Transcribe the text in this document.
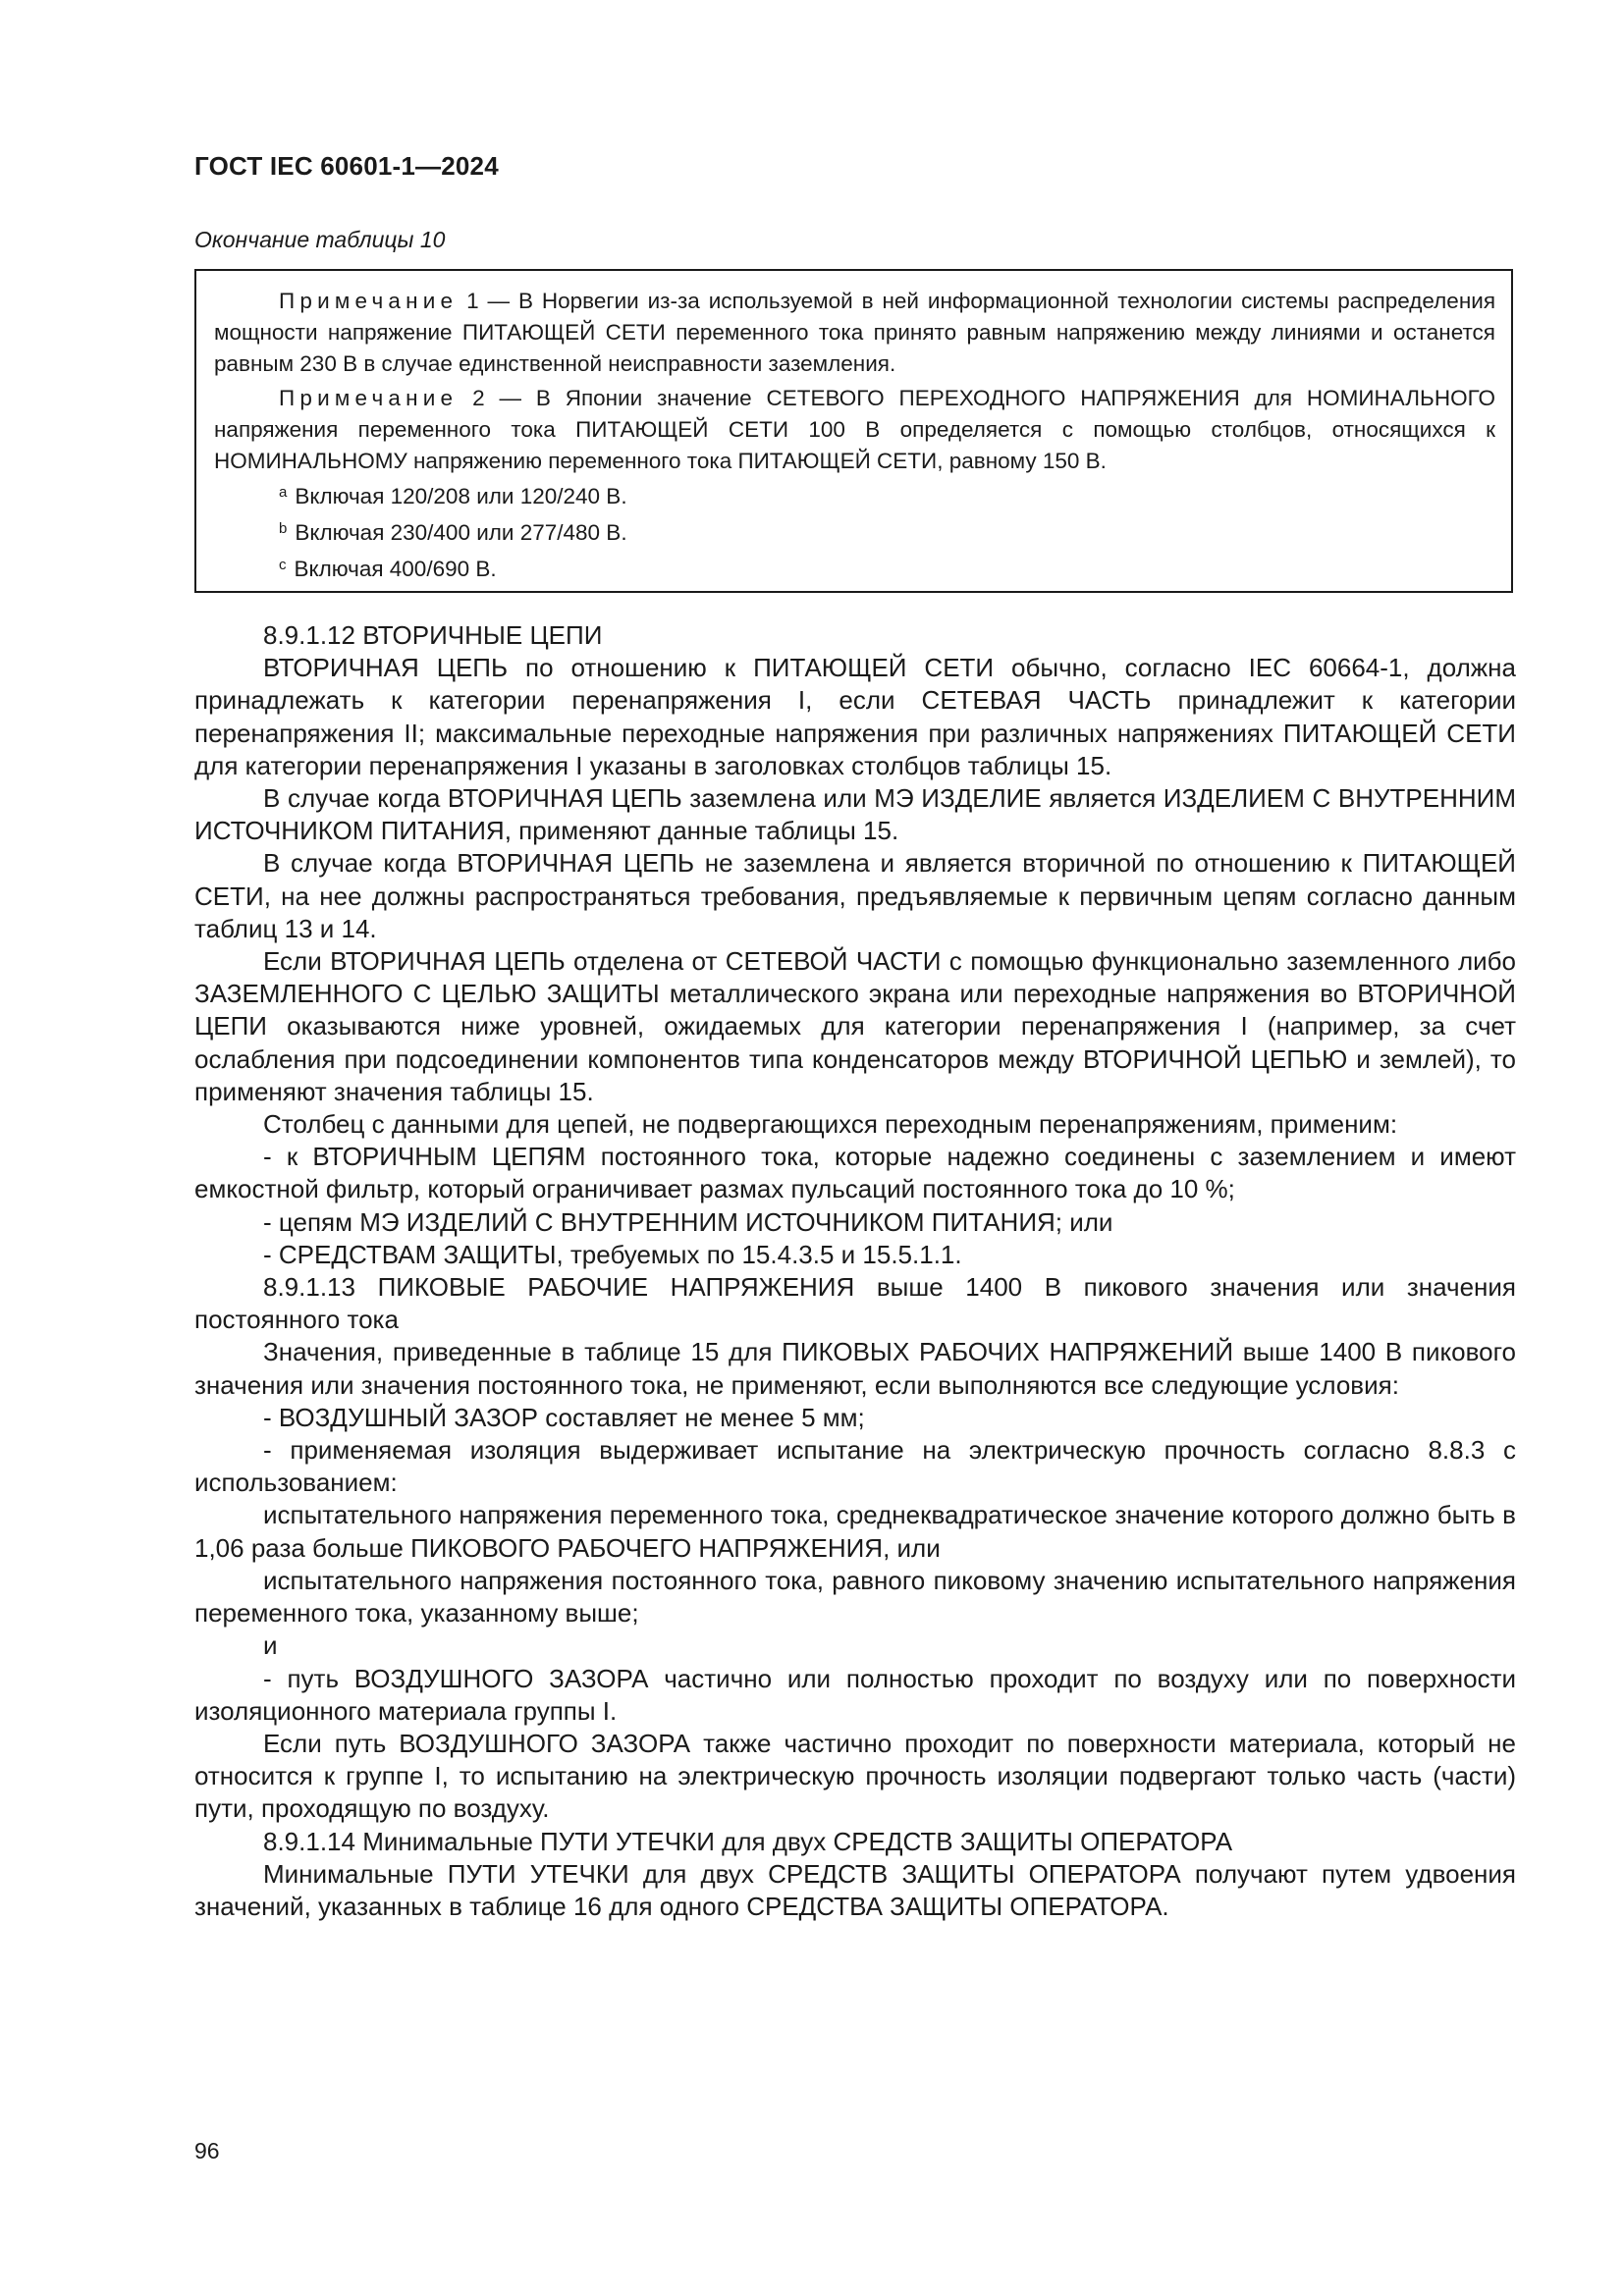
ГОСТ IEC 60601-1—2024
Окончание таблицы 10
Примечание 1 — В Норвегии из-за используемой в ней информационной технологии системы распределения мощности напряжение ПИТАЮЩЕЙ СЕТИ переменного тока принято равным напряжению между линиями и останется равным 230 В в случае единственной неисправности заземления.
Примечание 2 — В Японии значение СЕТЕВОГО ПЕРЕХОДНОГО НАПРЯЖЕНИЯ для НОМИНАЛЬНОГО напряжения переменного тока ПИТАЮЩЕЙ СЕТИ 100 В определяется с помощью столбцов, относящихся к НОМИНАЛЬНОМУ напряжению переменного тока ПИТАЮЩЕЙ СЕТИ, равному 150 В.
$^a$ Включая 120/208 или 120/240 В.
$^b$ Включая 230/400 или 277/480 В.
$^c$ Включая 400/690 В.

8.9.1.12 ВТОРИЧНЫЕ ЦЕПИ

ВТОРИЧНАЯ ЦЕПЬ по отношению к ПИТАЮЩЕЙ СЕТИ обычно, согласно IEC 60664-1, должна принадлежать к категории перенапряжения I, если СЕТЕВАЯ ЧАСТЬ принадлежит к категории перенапряжения II; максимальные переходные напряжения при различных напряжениях ПИТАЮЩЕЙ СЕТИ для категории перенапряжения I указаны в заголовках столбцов таблицы 15.

В случае когда ВТОРИЧНАЯ ЦЕПЬ заземлена или МЭ ИЗДЕЛИЕ является ИЗДЕЛИЕМ С ВНУТРЕННИМ ИСТОЧНИКОМ ПИТАНИЯ, применяют данные таблицы 15.

В случае когда ВТОРИЧНАЯ ЦЕПЬ не заземлена и является вторичной по отношению к ПИТАЮЩЕЙ СЕТИ, на нее должны распространяться требования, предъявляемые к первичным цепям согласно данным таблиц 13 и 14.

Если ВТОРИЧНАЯ ЦЕПЬ отделена от СЕТЕВОЙ ЧАСТИ с помощью функционально заземленного либо ЗАЗЕМЛЕННОГО С ЦЕЛЬЮ ЗАЩИТЫ металлического экрана или переходные напряжения во ВТОРИЧНОЙ ЦЕПИ оказываются ниже уровней, ожидаемых для категории перенапряжения I (например, за счет ослабления при подсоединении компонентов типа конденсаторов между ВТОРИЧНОЙ ЦЕПЬЮ и землей), то применяют значения таблицы 15.

Столбец с данными для цепей, не подвергающихся переходным перенапряжениям, применим:

- к ВТОРИЧНЫМ ЦЕПЯМ постоянного тока, которые надежно соединены с заземлением и имеют емкостной фильтр, который ограничивает размах пульсаций постоянного тока до 10 %;

- цепям МЭ ИЗДЕЛИЙ С ВНУТРЕННИМ ИСТОЧНИКОМ ПИТАНИЯ; или

- СРЕДСТВАМ ЗАЩИТЫ, требуемых по 15.4.3.5 и 15.5.1.1.

8.9.1.13 ПИКОВЫЕ РАБОЧИЕ НАПРЯЖЕНИЯ выше 1400 В пикового значения или значения постоянного тока

Значения, приведенные в таблице 15 для ПИКОВЫХ РАБОЧИХ НАПРЯЖЕНИЙ выше 1400 В пикового значения или значения постоянного тока, не применяют, если выполняются все следующие условия:

- ВОЗДУШНЫЙ ЗАЗОР составляет не менее 5 мм;

- применяемая изоляция выдерживает испытание на электрическую прочность согласно 8.8.3 с использованием:

испытательного напряжения переменного тока, среднеквадратическое значение которого должно быть в 1,06 раза больше ПИКОВОГО РАБОЧЕГО НАПРЯЖЕНИЯ, или

испытательного напряжения постоянного тока, равного пиковому значению испытательного напряжения переменного тока, указанному выше;

и

- путь ВОЗДУШНОГО ЗАЗОРА частично или полностью проходит по воздуху или по поверхности изоляционного материала группы I.

Если путь ВОЗДУШНОГО ЗАЗОРА также частично проходит по поверхности материала, который не относится к группе I, то испытанию на электрическую прочность изоляции подвергают только часть (части) пути, проходящую по воздуху.

8.9.1.14 Минимальные ПУТИ УТЕЧКИ для двух СРЕДСТВ ЗАЩИТЫ ОПЕРАТОРА

Минимальные ПУТИ УТЕЧКИ для двух СРЕДСТВ ЗАЩИТЫ ОПЕРАТОРА получают путем удвоения значений, указанных в таблице 16 для одного СРЕДСТВА ЗАЩИТЫ ОПЕРАТОРА.

96
